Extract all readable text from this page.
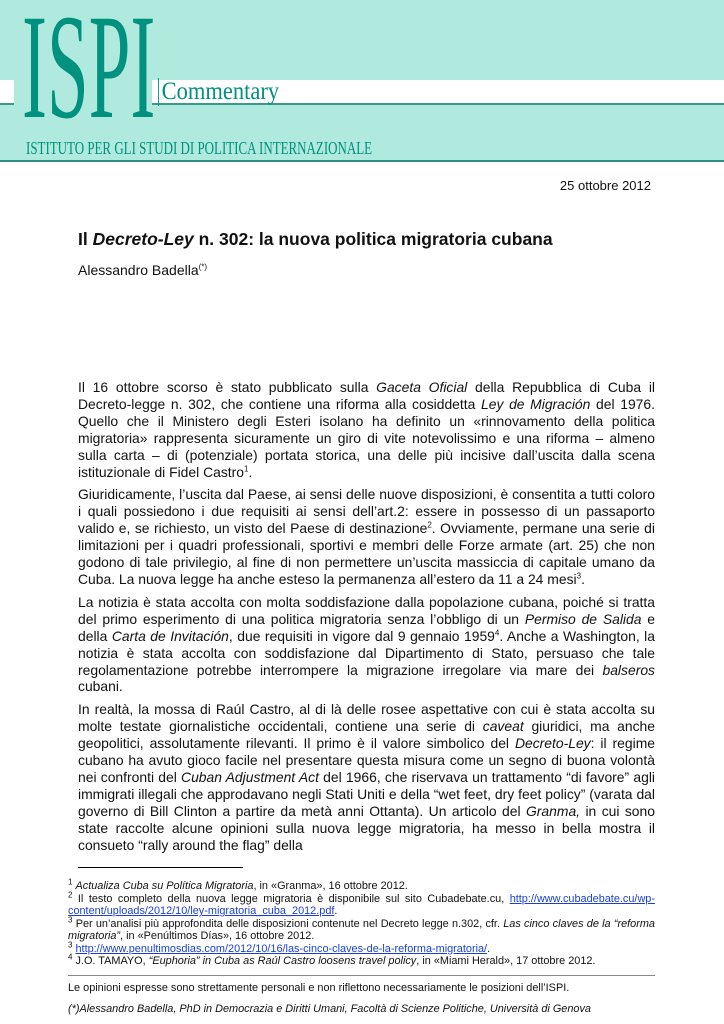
ISPI Commentary
ISTITUTO PER GLI STUDI DI POLITICA INTERNAZIONALE
25 ottobre 2012
Il Decreto-Ley n. 302: la nuova politica migratoria cubana
Alessandro Badella(*)

Il 16 ottobre scorso è stato pubblicato sulla Gaceta Oficial della Repubblica di Cuba il Decreto-legge n. 302, che contiene una riforma alla cosiddetta Ley de Migración del 1976. Quello che il Ministero degli Esteri isolano ha definito un «rinnovamento della politica migratoria» rappresenta sicuramente un giro di vite notevolissimo e una riforma – almeno sulla carta – di (potenziale) portata storica, una delle più incisive dall’uscita dalla scena istituzionale di Fidel Castro$^1$.

Giuridicamente, l’uscita dal Paese, ai sensi delle nuove disposizioni, è consentita a tutti coloro i quali possiedono i due requisiti ai sensi dell’art.2: essere in possesso di un passaporto valido e, se richiesto, un visto del Paese di destinazione$^2$. Ovviamente, permane una serie di limitazioni per i quadri professionali, sportivi e membri delle Forze armate (art. 25) che non godono di tale privilegio, al fine di non permettere un’uscita massiccia di capitale umano da Cuba. La nuova legge ha anche esteso la permanenza all’estero da 11 a 24 mesi$^3$.

La notizia è stata accolta con molta soddisfazione dalla popolazione cubana, poiché si tratta del primo esperimento di una politica migratoria senza l’obbligo di un Permiso de Salida e della Carta de Invitación, due requisiti in vigore dal 9 gennaio 1959$^4$. Anche a Washington, la notizia è stata accolta con soddisfazione dal Dipartimento di Stato, persuaso che tale regolamentazione potrebbe interrompere la migrazione irregolare via mare dei balseros cubani.

In realtà, la mossa di Raúl Castro, al di là delle rosee aspettative con cui è stata accolta su molte testate giornalistiche occidentali, contiene una serie di caveat giuridici, ma anche geopolitici, assolutamente rilevanti. Il primo è il valore simbolico del Decreto-Ley: il regime cubano ha avuto gioco facile nel presentare questa misura come un segno di buona volontà nei confronti del Cuban Adjustment Act del 1966, che riservava un trattamento “di favore” agli immigrati illegali che approdavano negli Stati Uniti e della “wet feet, dry feet policy” (varata dal governo di Bill Clinton a partire da metà anni Ottanta). Un articolo del Granma, in cui sono state raccolte alcune opinioni sulla nuova legge migratoria, ha messo in bella mostra il consueto “rally around the flag” della

$^1$ Actualiza Cuba su Política Migratoria, in «Granma», 16 ottobre 2012.
$^2$ Il testo completo della nuova legge migratoria è disponibile sul sito Cubadebate.cu, http://www.cubadebate.cu/wp-content/uploads/2012/10/ley-migratoria_cuba_2012.pdf.
$^3$ Per un’analisi più approfondita delle disposizioni contenute nel Decreto legge n.302, cfr. Las cinco claves de la “reforma migratoria”, in «Penúltimos Días», 16 ottobre 2012.
$^3$ http://www.penultimosdias.com/2012/10/16/las-cinco-claves-de-la-reforma-migratoria/.
$^4$ J.O. TAMAYO, “Euphoria” in Cuba as Raúl Castro loosens travel policy, in «Miami Herald», 17 ottobre 2012.
Le opinioni espresse sono strettamente personali e non riflettono necessariamente le posizioni dell’ISPI.
(*)Alessandro Badella, PhD in Democrazia e Diritti Umani, Facoltà di Scienze Politiche, Università di Genova
